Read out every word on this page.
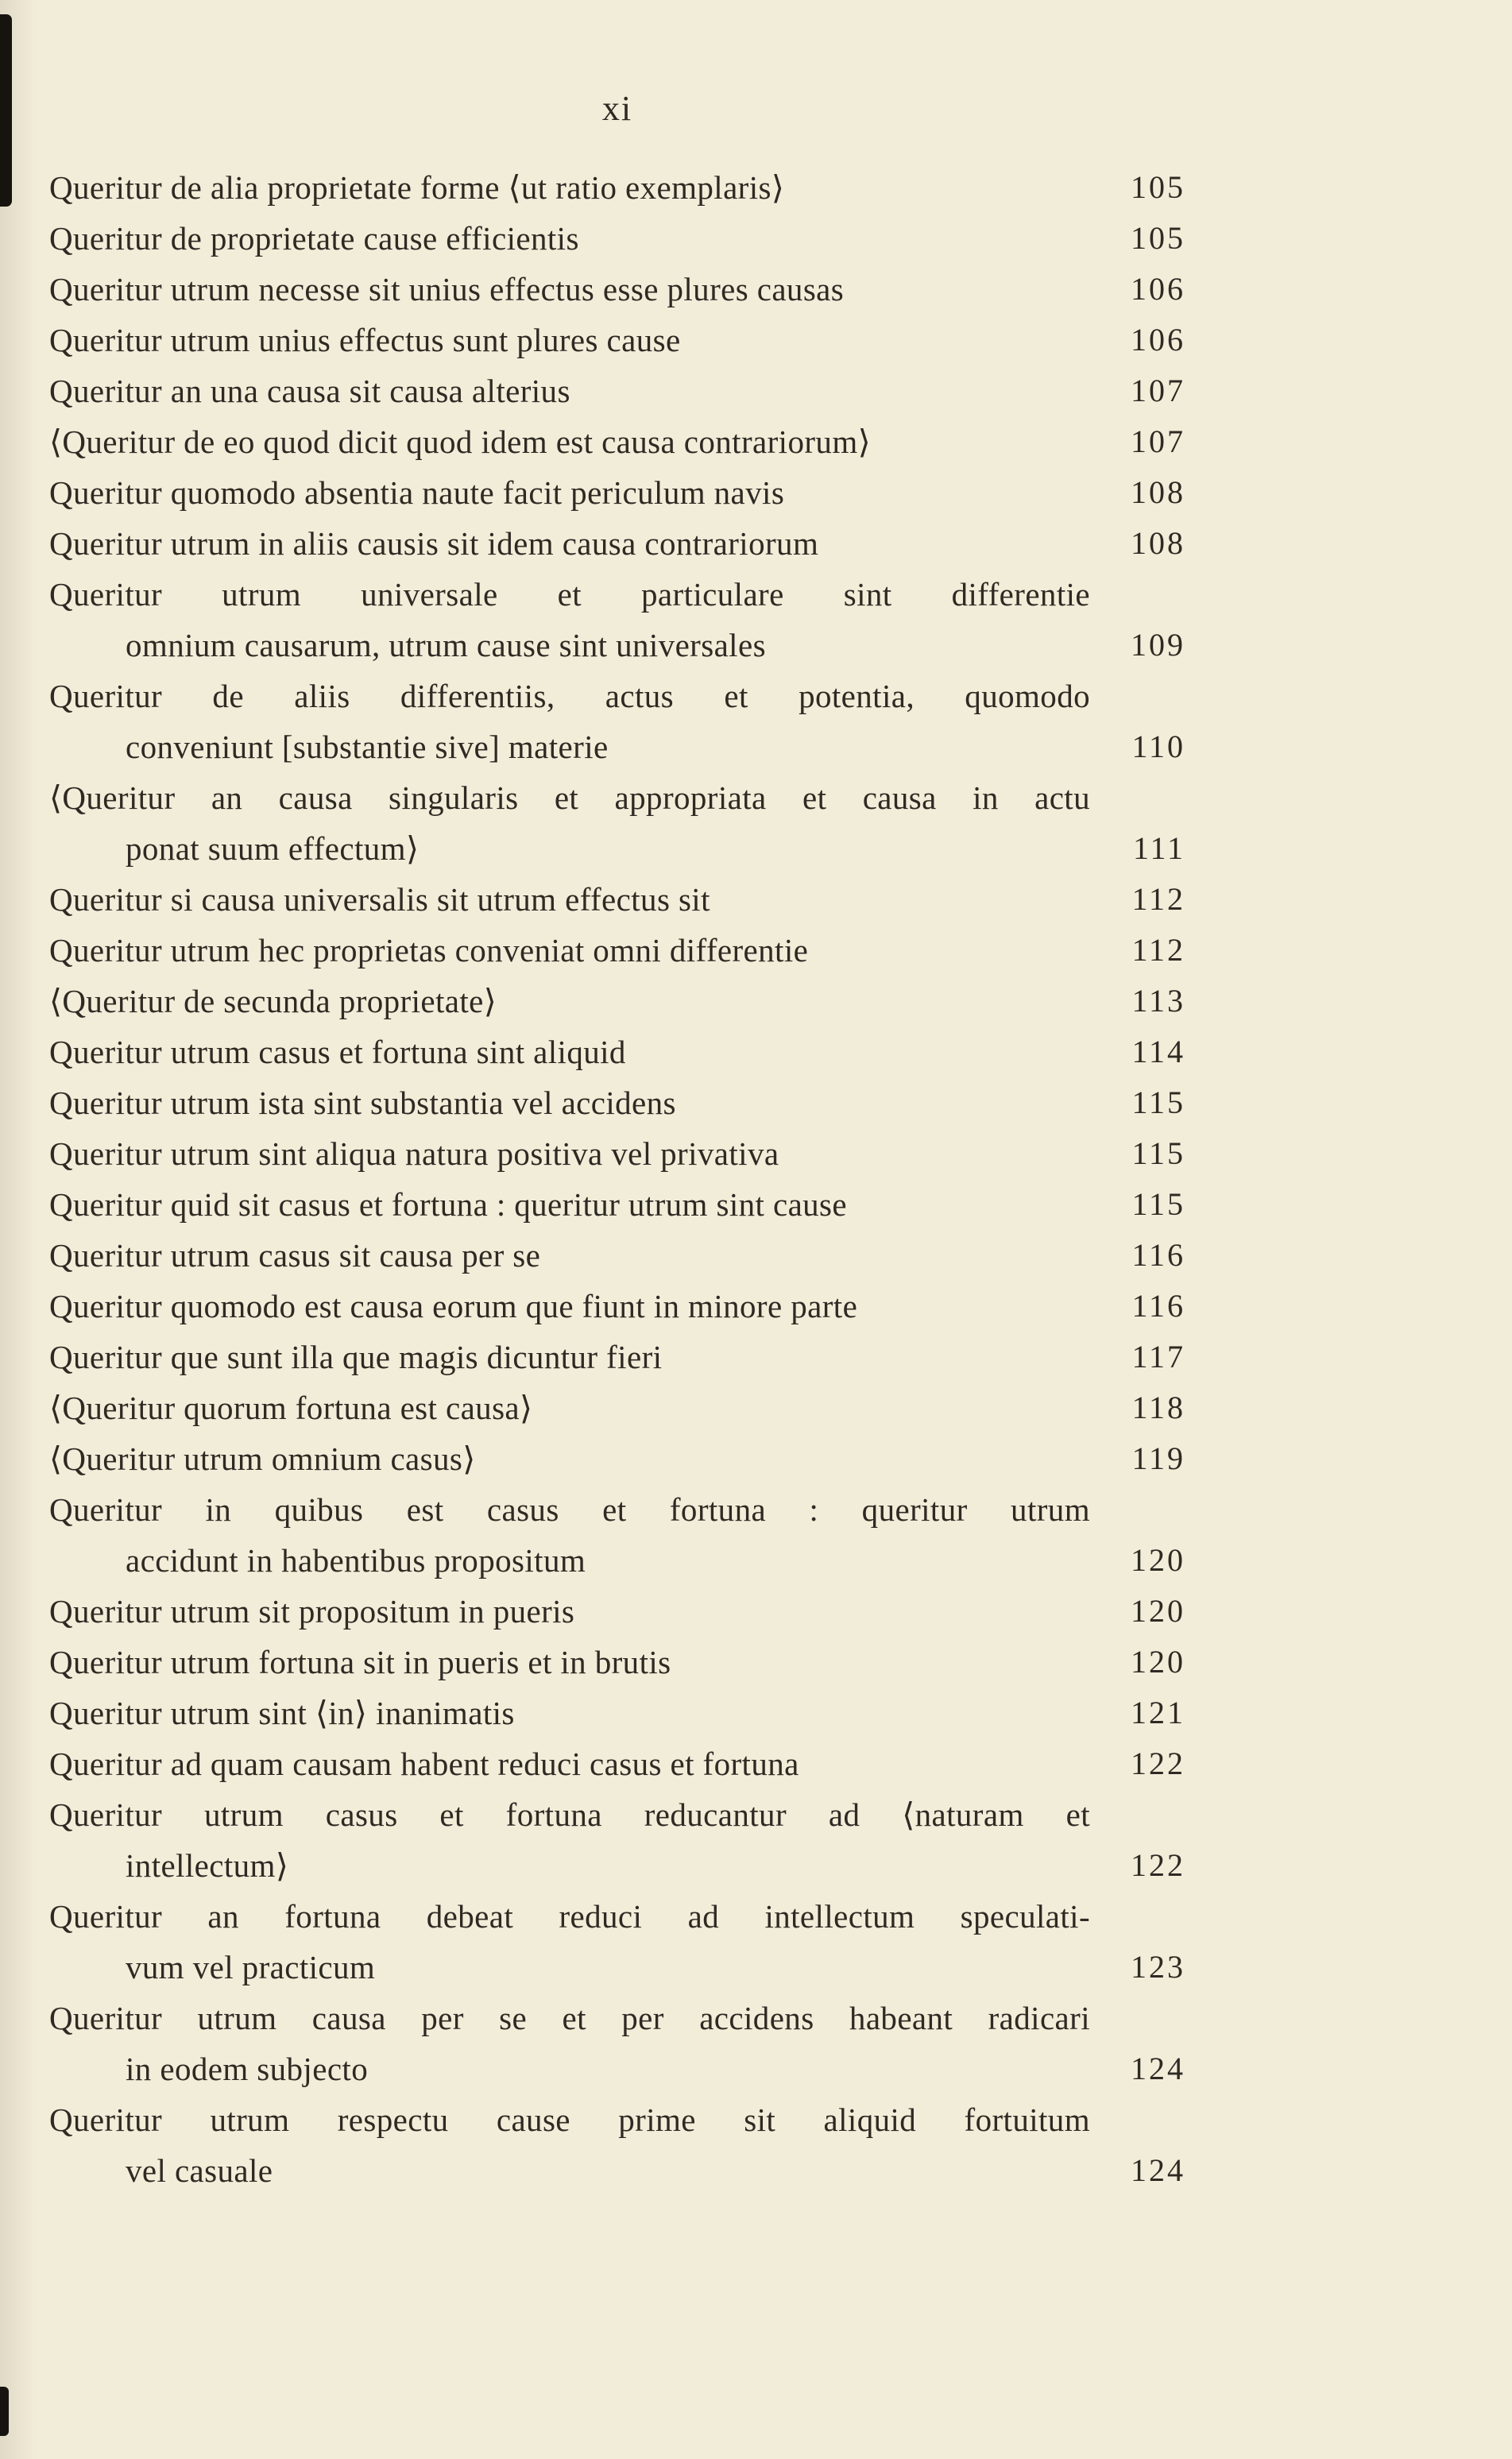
xi
Queritur de alia proprietate forme ⟨ut ratio exemplaris⟩	105
Queritur de proprietate cause efficientis	105
Queritur utrum necesse sit unius effectus esse plures causas	106
Queritur utrum unius effectus sunt plures cause	106
Queritur an una causa sit causa alterius	107
⟨Queritur de eo quod dicit quod idem est causa contrariorum⟩	107
Queritur quomodo absentia naute facit periculum navis	108
Queritur utrum in aliis causis sit idem causa contrariorum	108
Queritur utrum universale et particulare sint differentie
omnium causarum, utrum cause sint universales	109
Queritur de aliis differentiis, actus et potentia, quomodo
conveniunt [substantie sive] materie	110
⟨Queritur an causa singularis et appropriata et causa in actu
ponat suum effectum⟩	111
Queritur si causa universalis sit utrum effectus sit	112
Queritur utrum hec proprietas conveniat omni differentie	112
⟨Queritur de secunda proprietate⟩	113
Queritur utrum casus et fortuna sint aliquid	114
Queritur utrum ista sint substantia vel accidens	115
Queritur utrum sint aliqua natura positiva vel privativa	115
Queritur quid sit casus et fortuna : queritur utrum sint cause	115
Queritur utrum casus sit causa per se	116
Queritur quomodo est causa eorum que fiunt in minore parte	116
Queritur que sunt illa que magis dicuntur fieri	117
⟨Queritur quorum fortuna est causa⟩	118
⟨Queritur utrum omnium casus⟩	119
Queritur in quibus est casus et fortuna : queritur utrum
accidunt in habentibus propositum	120
Queritur utrum sit propositum in pueris	120
Queritur utrum fortuna sit in pueris et in brutis	120
Queritur utrum sint ⟨in⟩ inanimatis	121
Queritur ad quam causam habent reduci casus et fortuna	122
Queritur utrum casus et fortuna reducantur ad ⟨naturam et
intellectum⟩	122
Queritur an fortuna debeat reduci ad intellectum speculati-
vum vel practicum	123
Queritur utrum causa per se et per accidens habeant radicari
in eodem subjecto	124
Queritur utrum respectu cause prime sit aliquid fortuitum
vel casuale	124
